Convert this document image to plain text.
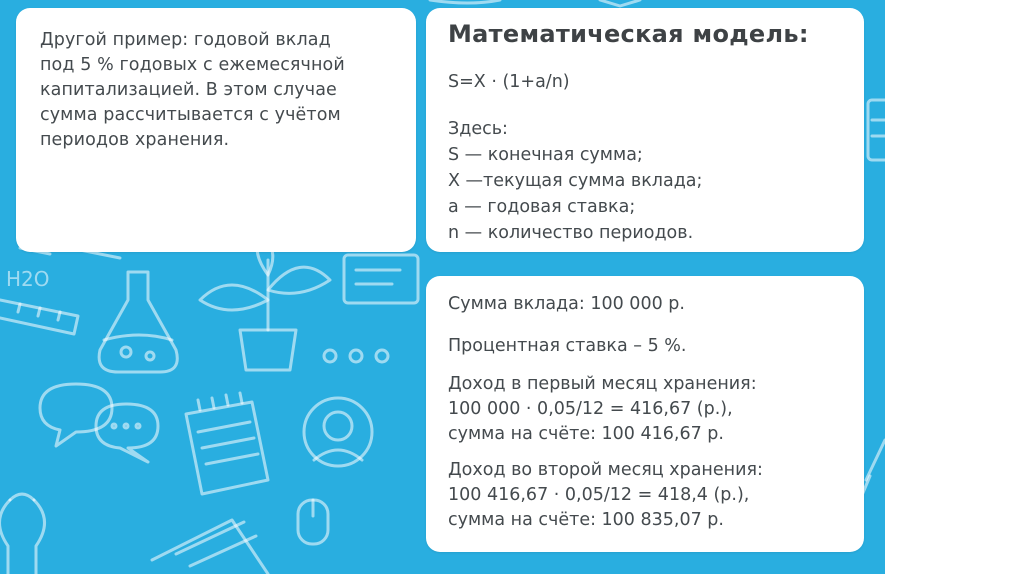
H2O
Другой пример: годовой вклад
под 5 % годовых с ежемесячной
капитализацией. В этом случае
сумма рассчитывается с учётом
периодов хранения.
Математическая модель:
S=X · (1+a/n)
Здесь:
S — конечная сумма;
X —текущая сумма вклада;
a — годовая ставка;
n — количество периодов.
Сумма вклада: 100 000 р.
Процентная ставка – 5 %.
Доход в первый месяц хранения:
100 000 · 0,05/12 = 416,67 (р.),
сумма на счёте: 100 416,67 р.
Доход во второй месяц хранения:
100 416,67 · 0,05/12 = 418,4 (р.),
сумма на счёте: 100 835,07 р.
